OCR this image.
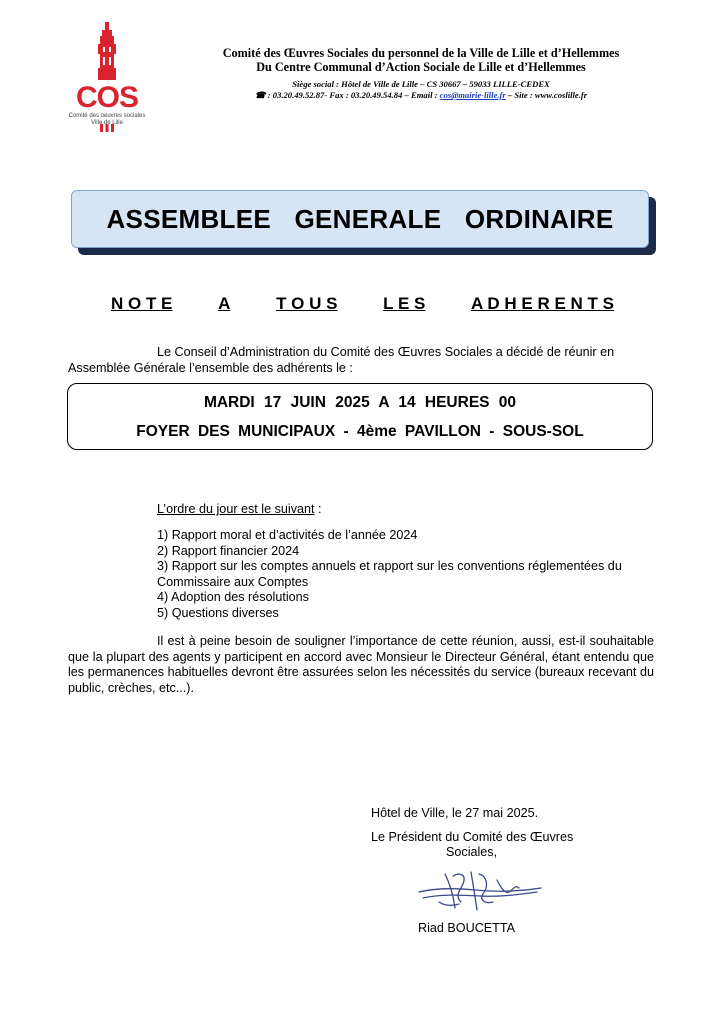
COS
Comité des oeuvres sociales
Ville de Lille
Comité des Œuvres Sociales du personnel de la Ville de Lille et d’Hellemmes
Du Centre Communal d’Action Sociale de Lille et d’Hellemmes
Siège social : Hôtel de Ville de Lille – CS 30667 – 59033 LILLE-CEDEX
☎ : 03.20.49.52.87- Fax : 03.20.49.54.84 – Email : cos@mairie-lille.fr – Site : www.coslille.fr
ASSEMBLEE GENERALE ORDINAIRE
N O T E	A	T O U S	L E S	A D H E R E N T S
Le Conseil d’Administration du Comité des Œuvres Sociales a décidé de réunir en
Assemblée Générale l’ensemble des adhérents le :
MARDI 17 JUIN 2025 A 14 HEURES 00
FOYER DES MUNICIPAUX - 4ème PAVILLON - SOUS-SOL
L’ordre du jour est le suivant :
1) Rapport moral et d’activités de l’année 2024
2) Rapport financier 2024
3) Rapport sur les comptes annuels et rapport sur les conventions réglementées du
Commissaire aux Comptes
4) Adoption des résolutions
5) Questions diverses
Il est à peine besoin de souligner l’importance de cette réunion, aussi, est-il souhaitable que la plupart des agents y participent en accord avec Monsieur le Directeur Général, étant entendu que les permanences habituelles devront être assurées selon les nécessités du service (bureaux recevant du public, crèches, etc...).
Hôtel de Ville, le 27 mai 2025.
Le Président du Comité des Œuvres
Sociales,
Riad BOUCETTA
